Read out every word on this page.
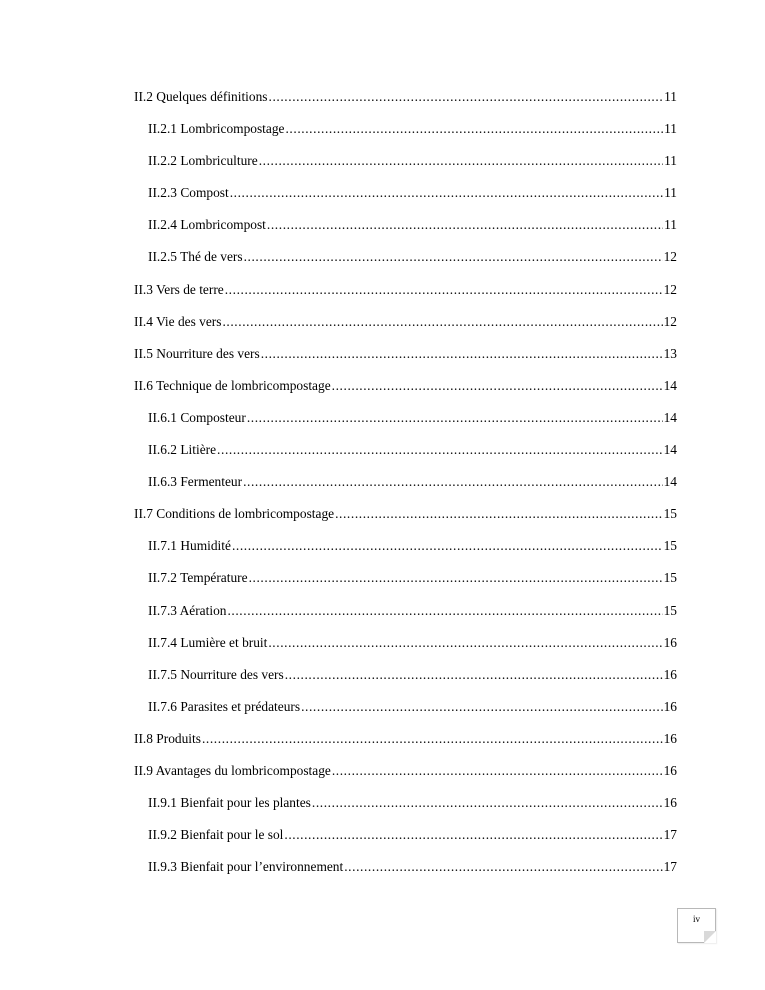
II.2 Quelques définitions .....	11
II.2.1 Lombricompostage .....	11
II.2.2 Lombriculture .....	11
II.2.3 Compost .....	11
II.2.4 Lombricompost .....	11
II.2.5 Thé de vers .....	12
II.3 Vers de terre .....	12
II.4 Vie des vers .....	12
II.5 Nourriture des vers .....	13
II.6 Technique de lombricompostage .....	14
II.6.1 Composteur .....	14
II.6.2 Litière .....	14
II.6.3 Fermenteur .....	14
II.7 Conditions de lombricompostage .....	15
II.7.1 Humidité .....	15
II.7.2 Température .....	15
II.7.3 Aération .....	15
II.7.4 Lumière et bruit .....	16
II.7.5 Nourriture des vers .....	16
II.7.6 Parasites et prédateurs .....	16
II.8 Produits .....	16
II.9 Avantages du lombricompostage .....	16
II.9.1 Bienfait pour les plantes .....	16
II.9.2 Bienfait pour le sol .....	17
II.9.3 Bienfait pour l’environnement .....	17
iv
